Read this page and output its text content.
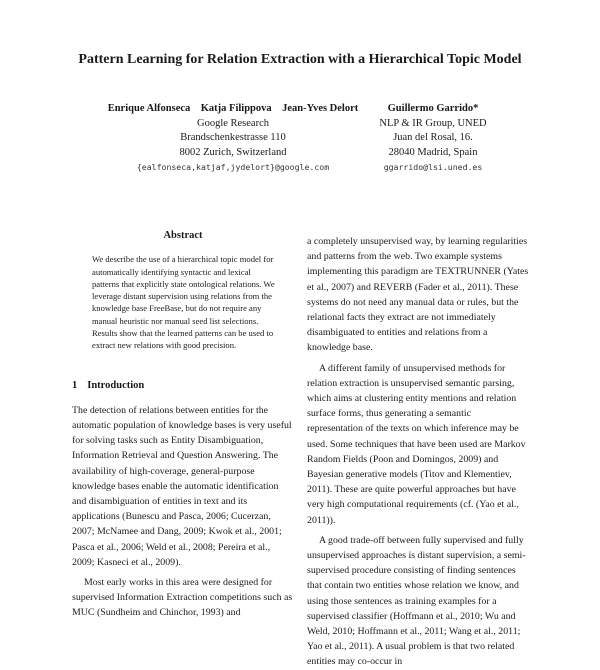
Pattern Learning for Relation Extraction with a Hierarchical Topic Model
Enrique Alfonseca    Katja Filippova    Jean-Yves Delort
Google Research
Brandschenkestrasse 110
8002 Zurich, Switzerland
{ealfonseca,katjaf,jydelort}@google.com
Guillermo Garrido*
NLP & IR Group, UNED
Juan del Rosal, 16.
28040 Madrid, Spain
ggarrido@lsi.uned.es
Abstract

We describe the use of a hierarchical topic model for automatically identifying syntactic and lexical patterns that explicitly state ontological relations. We leverage distant supervision using relations from the knowledge base FreeBase, but do not require any manual heuristic nor manual seed list selections. Results show that the learned patterns can be used to extract new relations with good precision.

1 Introduction

The detection of relations between entities for the automatic population of knowledge bases is very useful for solving tasks such as Entity Disambiguation, Information Retrieval and Question Answering. The availability of high-coverage, general-purpose knowledge bases enable the automatic identification and disambiguation of entities in text and its applications (Bunescu and Pasca, 2006; Cucerzan, 2007; McNamee and Dang, 2009; Kwok et al., 2001; Pasca et al., 2006; Weld et al., 2008; Pereira et al., 2009; Kasneci et al., 2009).

Most early works in this area were designed for supervised Information Extraction competitions such as MUC (Sundheim and Chinchor, 1993) and

a completely unsupervised way, by learning regularities and patterns from the web. Two example systems implementing this paradigm are TEXTRUNNER (Yates et al., 2007) and REVERB (Fader et al., 2011). These systems do not need any manual data or rules, but the relational facts they extract are not immediately disambiguated to entities and relations from a knowledge base.

A different family of unsupervised methods for relation extraction is unsupervised semantic parsing, which aims at clustering entity mentions and relation surface forms, thus generating a semantic representation of the texts on which inference may be used. Some techniques that have been used are Markov Random Fields (Poon and Domingos, 2009) and Bayesian generative models (Titov and Klementiev, 2011). These are quite powerful approaches but have very high computational requirements (cf. (Yao et al., 2011)).

A good trade-off between fully supervised and fully unsupervised approaches is distant supervision, a semi-supervised procedure consisting of finding sentences that contain two entities whose relation we know, and using those sentences as training examples for a supervised classifier (Hoffmann et al., 2010; Wu and Weld, 2010; Hoffmann et al., 2011; Wang et al., 2011; Yao et al., 2011). A usual problem is that two related entities may co-occur in
